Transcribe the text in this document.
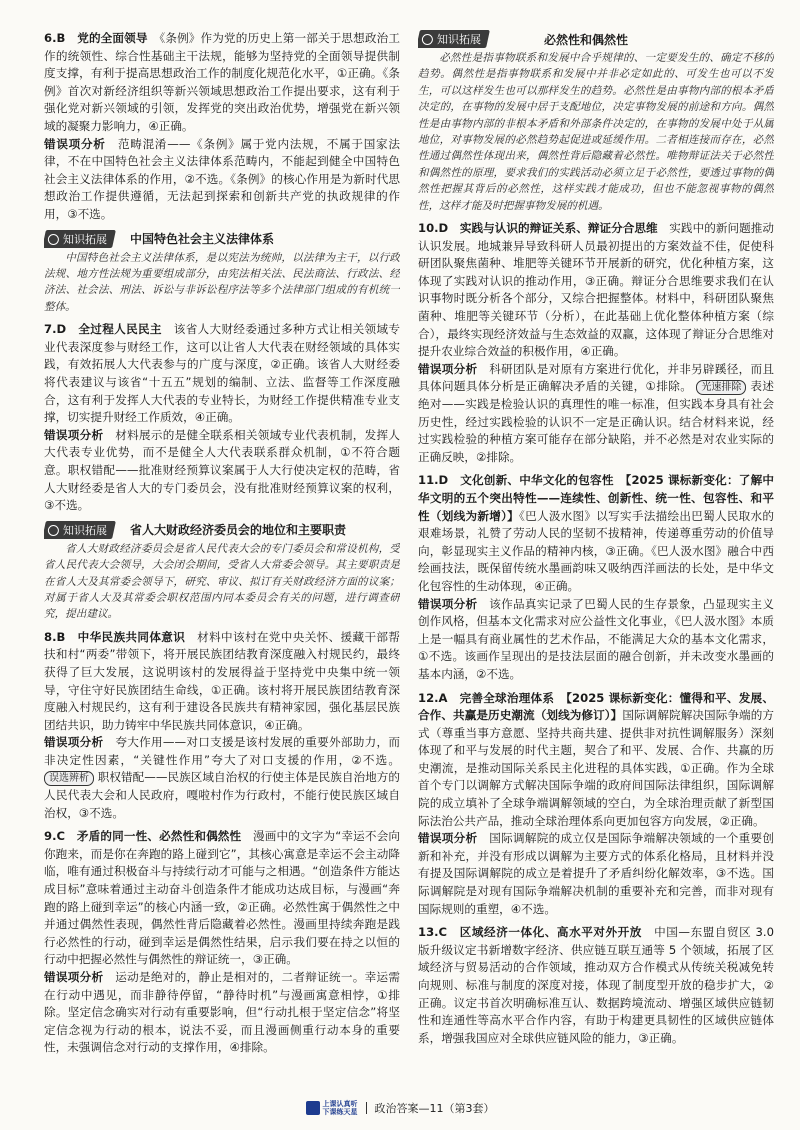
6.B　 党的全面领导　 《条例》作为党的历史上第一部关于思想政治工作的统领性、综合性基础主干法规，能够为坚持党的全面领导提供制度支撑，有利于提高思想政治工作的制度化规范化水平，①正确。《条例》首次对新经济组织等新兴领域思想政治工作提出要求，这有利于强化党对新兴领域的引领，发挥党的突出政治优势，增强党在新兴领域的凝聚力影响力，④正确。

错误项分析　 范畴混淆——《条例》属于党内法规，不属于国家法律，不在中国特色社会主义法律体系范畴内，不能起到健全中国特色社会主义法律体系的作用，②不选。《条例》的核心作用是为新时代思想政治工作提供遵循，无法起到探索和创新共产党的执政规律的作用，③不选。

知识拓展 中国特色社会主义法律体系

中国特色社会主义法律体系，是以宪法为统帅，以法律为主干，以行政法规、地方性法规为重要组成部分，由宪法相关法、民法商法、行政法、经济法、社会法、刑法、诉讼与非诉讼程序法等多个法律部门组成的有机统一整体。

7.D　 全过程人民民主　 该省人大财经委通过多种方式让相关领域专业代表深度参与财经工作，这可以让省人大代表在财经领域的具体实践，有效拓展人大代表参与的广度与深度，②正确。该省人大财经委将代表建议与该省“十五五”规划的编制、立法、监督等工作深度融合，这有利于发挥人大代表的专业特长，为财经工作提供精准专业支撑，切实提升财经工作质效，④正确。

错误项分析　 材料展示的是健全联系相关领域专业代表机制，发挥人大代表专业优势，而不是健全人大代表联系群众机制，①不符合题意。职权错配——批准财经预算议案属于人大行使决定权的范畴，省人大财经委是省人大的专门委员会，没有批准财经预算议案的权利，③不选。

知识拓展 省人大财政经济委员会的地位和主要职责

省人大财政经济委员会是省人民代表大会的专门委员会和常设机构，受省人民代表大会领导，大会闭会期间，受省人大常委会领导。其主要职责是在省人大及其常委会领导下，研究、审议、拟订有关财政经济方面的议案；对属于省人大及其常委会职权范围内同本委员会有关的问题，进行调查研究，提出建议。

8.B　 中华民族共同体意识　 材料中该村在党中央关怀、援藏干部帮扶和村“两委”带领下，将开展民族团结教育深度融入村规民约，最终获得了巨大发展，这说明该村的发展得益于坚持党中央集中统一领导，守住守好民族团结生命线，①正确。该村将开展民族团结教育深度融入村规民约，这有利于建设各民族共有精神家园，强化基层民族团结共识，助力铸牢中华民族共同体意识，④正确。

错误项分析　 夸大作用——对口支援是该村发展的重要外部助力，而非决定性因素，“关键性作用”夸大了对口支援的作用，②不选。 误选辨析 职权错配——民族区域自治权的行使主体是民族自治地方的人民代表大会和人民政府，嘎啦村作为行政村，不能行使民族区域自治权，③不选。

9.C　 矛盾的同一性、必然性和偶然性　 漫画中的文字为“幸运不会向你跑来，而是你在奔跑的路上碰到它”，其核心寓意是幸运不会主动降临，唯有通过积极奋斗与持续行动才可能与之相遇。“创造条件方能达成目标”意味着通过主动奋斗创造条件才能成功达成目标，与漫画“奔跑的路上碰到幸运”的核心内涵一致，②正确。必然性寓于偶然性之中并通过偶然性表现，偶然性背后隐藏着必然性。漫画里持续奔跑是践行必然性的行动，碰到幸运是偶然性结果，启示我们要在持之以恒的行动中把握必然性与偶然性的辩证统一，③正确。

错误项分析　 运动是绝对的，静止是相对的，二者辩证统一。幸运需在行动中遇见，而非静待停留，“静待时机”与漫画寓意相悖，①排除。坚定信念确实对行动有重要影响，但“行动扎根于坚定信念”将坚定信念视为行动的根本，说法不妥，而且漫画侧重行动本身的重要性，未强调信念对行动的支撑作用，④排除。

知识拓展	必然性和偶然性

必然性是指事物联系和发展中合乎规律的、一定要发生的、确定不移的趋势。偶然性是指事物联系和发展中并非必定如此的、可发生也可以不发生，可以这样发生也可以那样发生的趋势。必然性是由事物内部的根本矛盾决定的，在事物的发展中居于支配地位，决定事物发展的前途和方向。偶然性是由事物内部的非根本矛盾和外部条件决定的，在事物的发展中处于从属地位，对事物发展的必然趋势起促进或延缓作用。二者相连接而存在，必然性通过偶然性体现出来，偶然性背后隐藏着必然性。唯物辩证法关于必然性和偶然性的原理，要求我们的实践活动必须立足于必然性，要透过事物的偶然性把握其背后的必然性，这样实践才能成功，但也不能忽视事物的偶然性，这样才能及时把握事物发展的机遇。

10.D　 实践与认识的辩证关系、辩证分合思维　 实践中的新问题推动认识发展。地城兼异导致科研人员最初提出的方案效益不佳，促使科研团队聚焦菌种、堆肥等关键环节开展新的研究，优化种植方案，这体现了实践对认识的推动作用，③正确。辩证分合思维要求我们在认识事物时既分析各个部分，又综合把握整体。材料中，科研团队聚焦菌种、堆肥等关键环节（分析），在此基础上优化整体种植方案（综合），最终实现经济效益与生态效益的双赢，这体现了辩证分合思维对提升农业综合效益的积极作用，④正确。

错误项分析　 科研团队是对原有方案进行优化，并非另辟蹊径，而且具体问题具体分析是正确解决矛盾的关键，①排除。 光速排除 表述绝对——实践是检验认识的真理性的唯一标准，但实践本身具有社会历史性，经过实践检验的认识不一定是正确认识。结合材料来说，经过实践检验的种植方案可能存在部分缺陷，并不必然是对农业实际的正确反映，②排除。

11.D　 文化创新、中华文化的包容性　 【2025 课标新变化：了解中华文明的五个突出特性——连续性、创新性、统一性、包容性、和平性（划线为新增）】《巴人汲水图》以写实手法描绘出巴蜀人民取水的艰难场景，礼赞了劳动人民的坚韧不拔精神，传递尊重劳动的价值导向，彰显现实主义作品的精神内核，③正确。《巴人汲水图》融合中西绘画技法，既保留传统水墨画韵味又吸纳西洋画法的长处，是中华文化包容性的生动体现，④正确。

错误项分析　 该作品真实记录了巴蜀人民的生存景象，凸显现实主义创作风格，但基本文化需求对应公益性文化事业，《巴人汲水图》本质上是一幅具有商业属性的艺术作品，不能满足大众的基本文化需求，①不选。该画作呈现出的是技法层面的融合创新，并未改变水墨画的基本内涵，②不选。

12.A　 完善全球治理体系　 【2025 课标新变化：懂得和平、发展、合作、共赢是历史潮流（划线为修订）】国际调解院解决国际争端的方式（尊重当事方意愿、坚持共商共建、提供非对抗性调解服务）深刻体现了和平与发展的时代主题，契合了和平、发展、合作、共赢的历史潮流，是推动国际关系民主化进程的具体实践，①正确。作为全球首个专门以调解方式解决国际争端的政府间国际法律组织，国际调解院的成立填补了全球争端调解领域的空白，为全球治理贡献了新型国际法治公共产品，推动全球治理体系向更加包容方向发展，②正确。

错误项分析　 国际调解院的成立仅是国际争端解决领域的一个重要创新和补充，并没有形成以调解为主要方式的体系化格局，且材料并没有提及国际调解院的成立是着提升了矛盾纠纷化解效率，③不选。国际调解院是对现有国际争端解决机制的重要补充和完善，而非对现有国际规则的重塑，④不选。

13.C　 区域经济一体化、高水平对外开放　 中国—东盟自贸区 3.0 版升级议定书新增数字经济、供应链互联互通等 5 个领域，拓展了区域经济与贸易活动的合作领域，推动双方合作模式从传统关税减免转向规则、标准与制度的深度对接，体现了制度型开放的稳步扩大，②正确。议定书首次明确标准互认、数据跨境流动、增强区域供应链韧性和连通性等高水平合作内容，有助于构建更具韧性的区域供应链体系，增强我国应对全球供应链风险的能力，③正确。

上课认真听
下课练天星 政治答案—11（第3套）
